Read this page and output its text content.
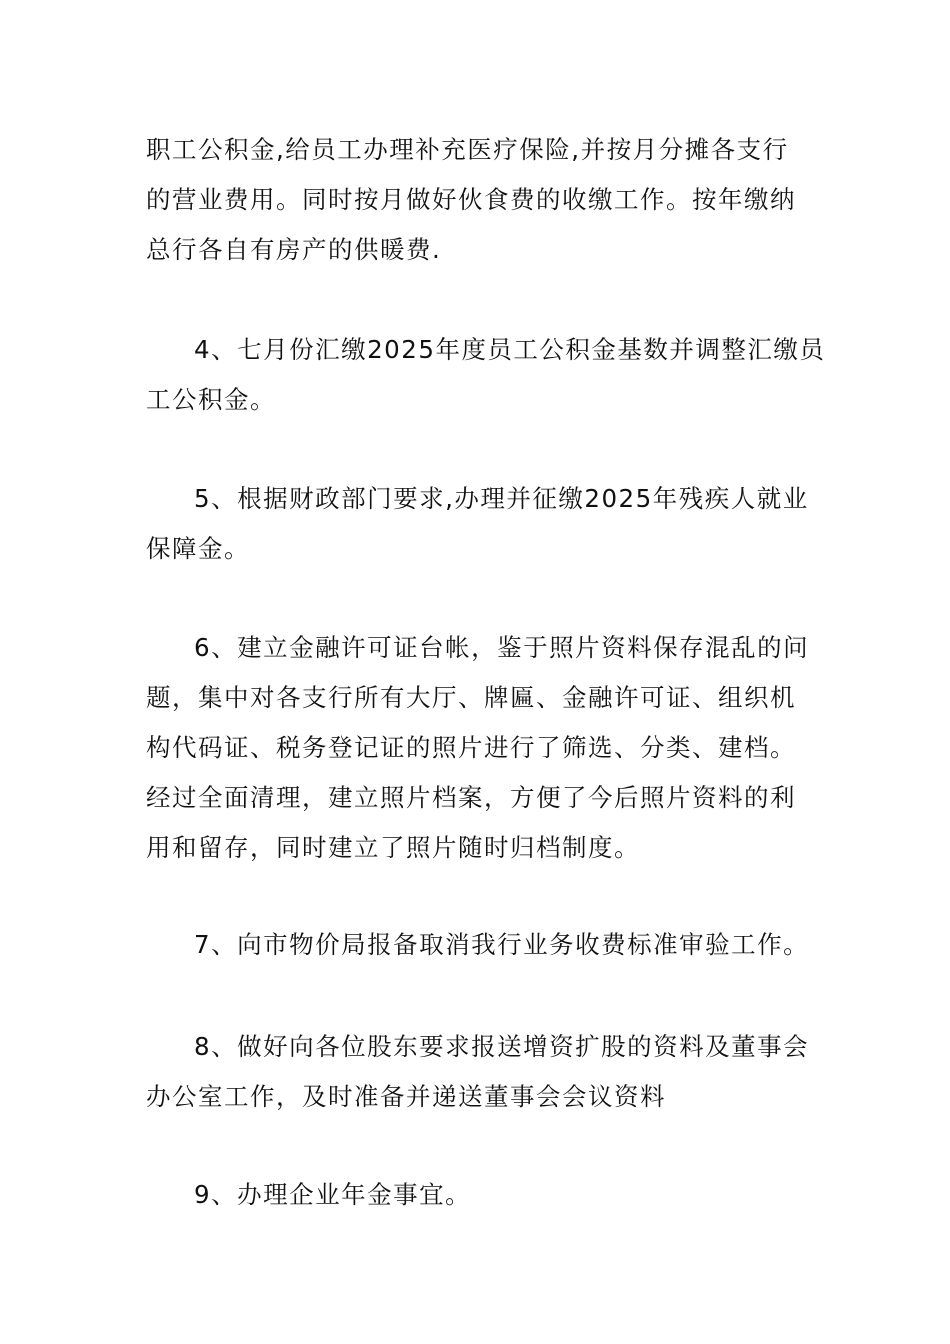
职工公积金,给员工办理补充医疗保险,并按月分摊各支行
的营业费用。同时按月做好伙食费的收缴工作。按年缴纳
总行各自有房产的供暖费.
4、七月份汇缴2025年度员工公积金基数并调整汇缴员
工公积金。
5、根据财政部门要求,办理并征缴2025年残疾人就业
保障金。
6、建立金融许可证台帐，鉴于照片资料保存混乱的问
题，集中对各支行所有大厅、牌匾、金融许可证、组织机
构代码证、税务登记证的照片进行了筛选、分类、建档。
经过全面清理，建立照片档案，方便了今后照片资料的利
用和留存，同时建立了照片随时归档制度。
7、向市物价局报备取消我行业务收费标准审验工作。
8、做好向各位股东要求报送增资扩股的资料及董事会
办公室工作，及时准备并递送董事会会议资料
9、办理企业年金事宜。
